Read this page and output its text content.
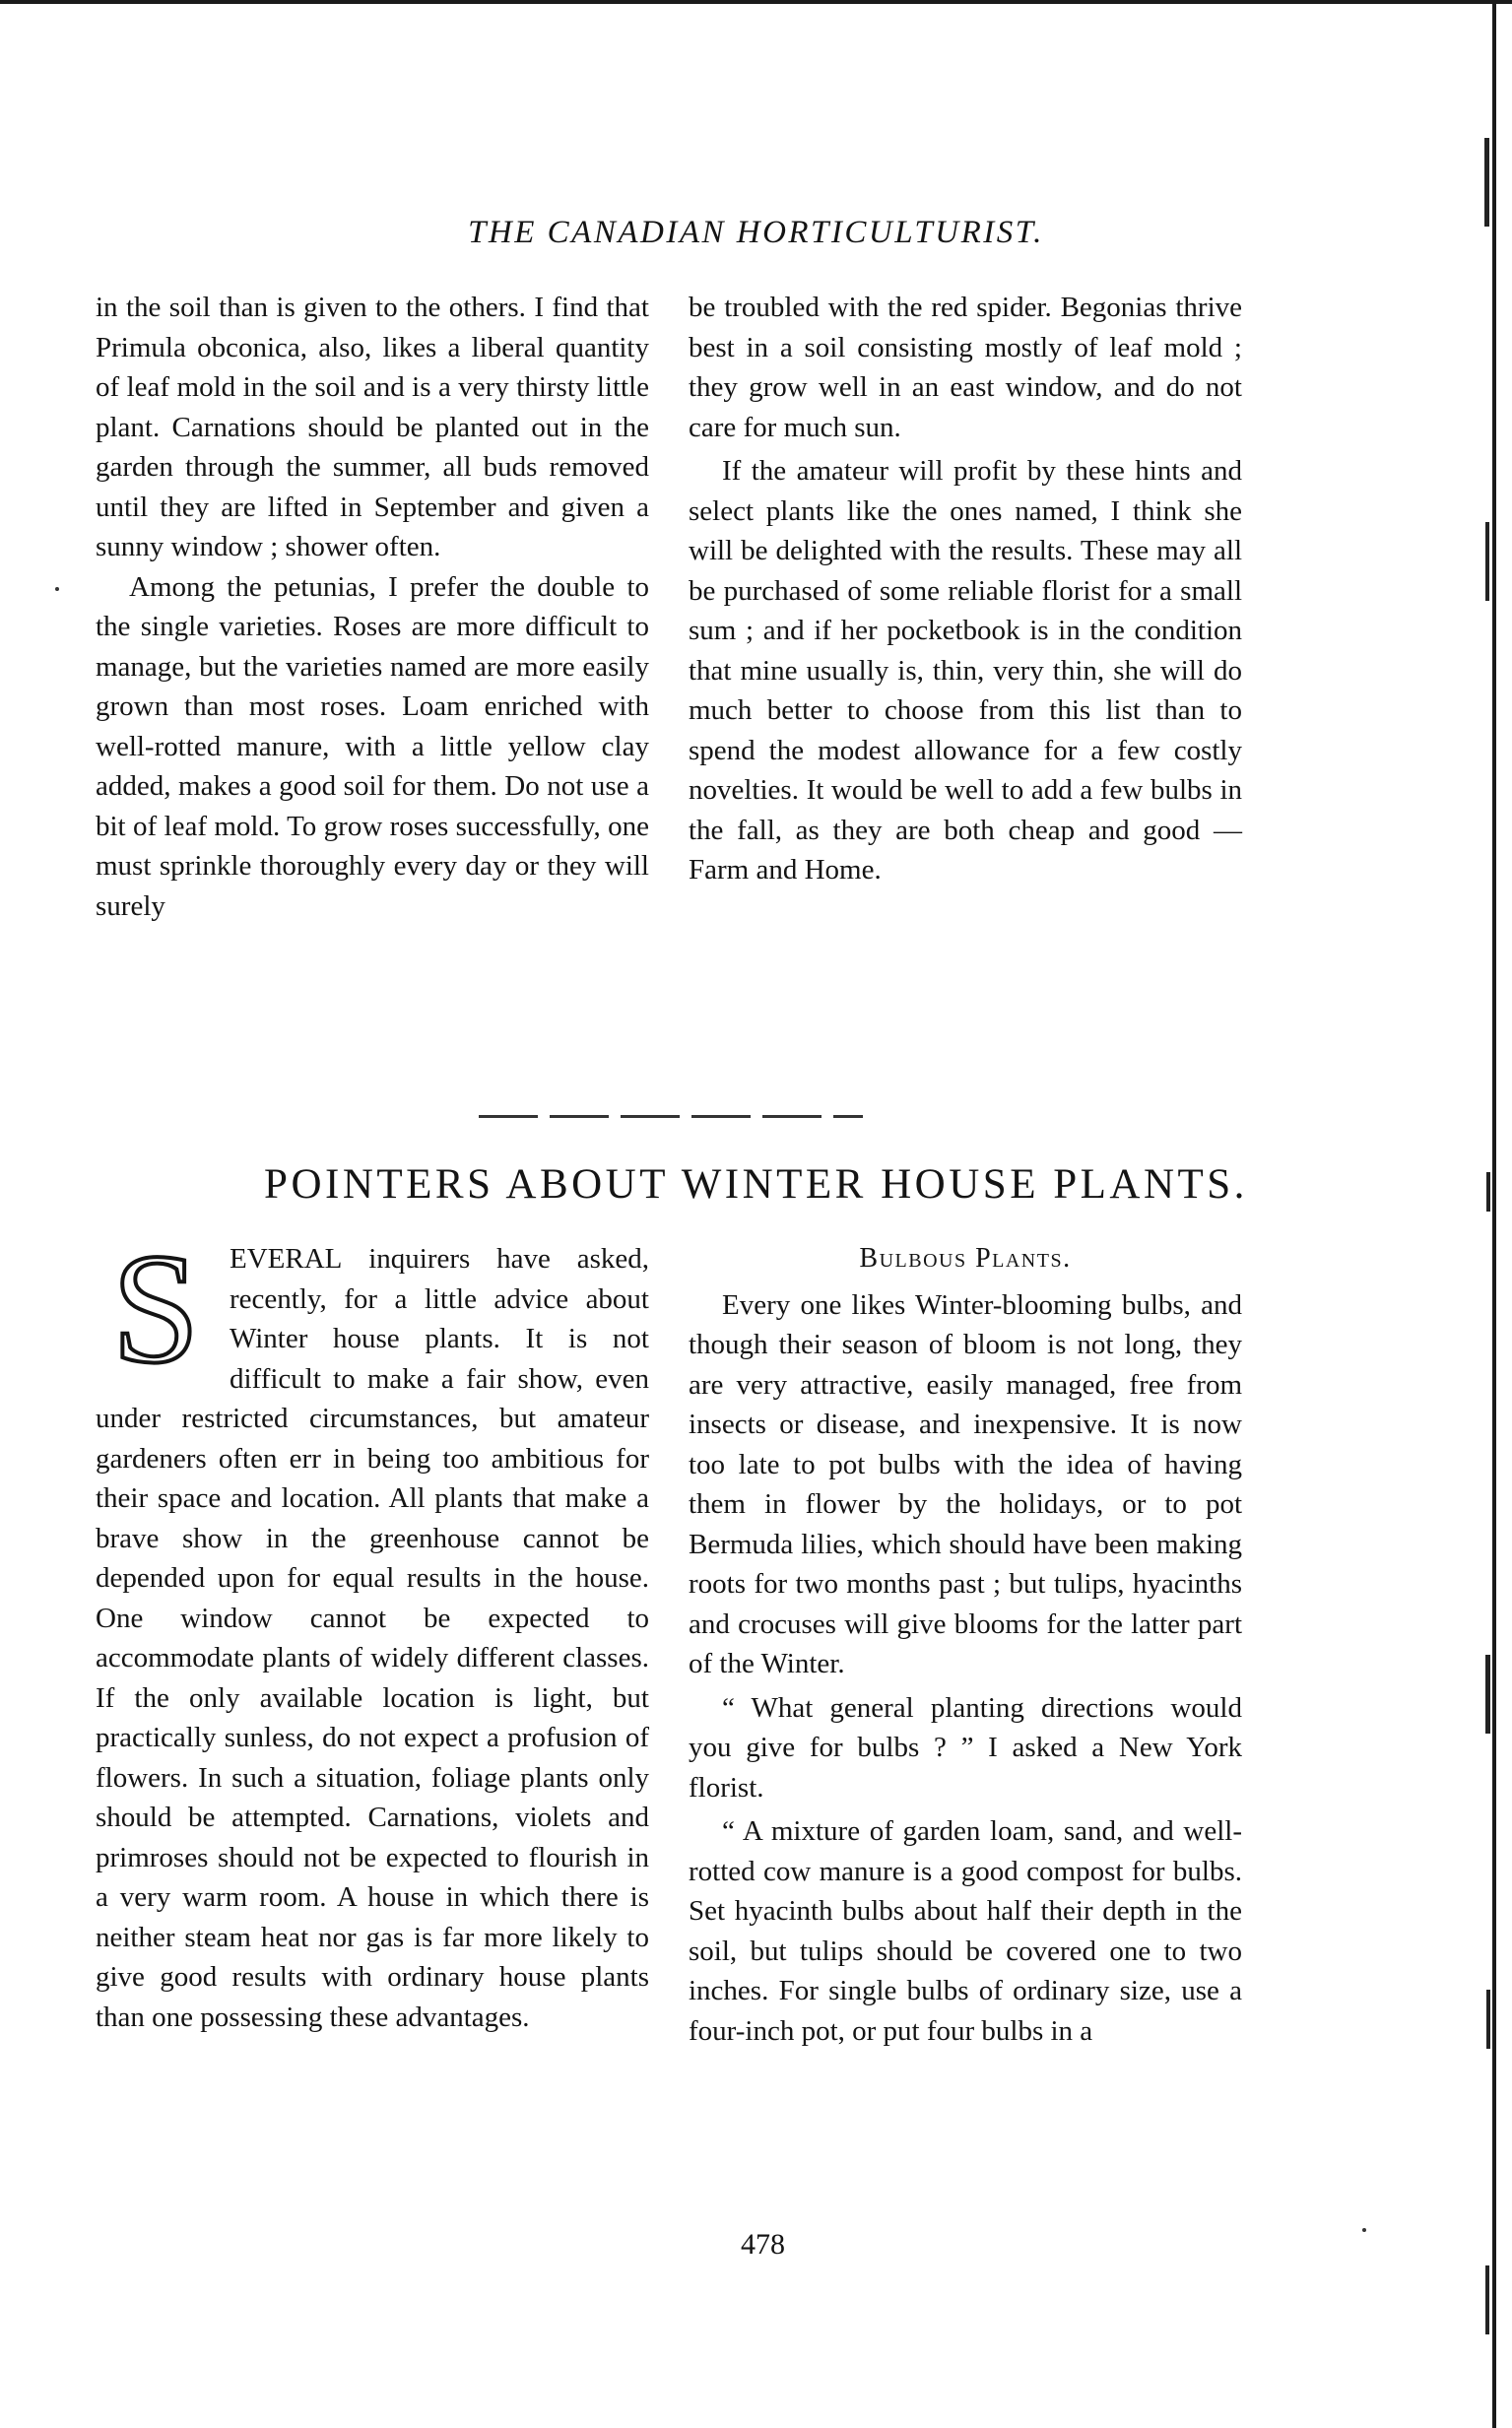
THE CANADIAN HORTICULTURIST.

in the soil than is given to the others. I find that Primula obconica, also, likes a liberal quantity of leaf mold in the soil and is a very thirsty little plant. Carnations should be planted out in the garden through the summer, all buds removed until they are lifted in September and given a sunny window ; shower often.

Among the petunias, I prefer the double to the single varieties. Roses are more difficult to manage, but the varieties named are more easily grown than most roses. Loam enriched with well-rotted manure, with a little yellow clay added, makes a good soil for them. Do not use a bit of leaf mold. To grow roses successfully, one must sprinkle thoroughly every day or they will surely

be troubled with the red spider. Begonias thrive best in a soil consisting mostly of leaf mold ; they grow well in an east window, and do not care for much sun.

If the amateur will profit by these hints and select plants like the ones named, I think she will be delighted with the results. These may all be purchased of some reliable florist for a small sum ; and if her pocketbook is in the condition that mine usually is, thin, very thin, she will do much better to choose from this list than to spend the modest allowance for a few costly novelties. It would be well to add a few bulbs in the fall, as they are both cheap and good —Farm and Home.

POINTERS ABOUT WINTER HOUSE PLANTS.

S EVERAL inquirers have asked, recently, for a little advice about Winter house plants. It is not difficult to make a fair show, even under restricted circumstances, but amateur gardeners often err in being too ambitious for their space and location. All plants that make a brave show in the greenhouse cannot be depended upon for equal results in the house. One window cannot be expected to accommodate plants of widely different classes. If the only available location is light, but practically sunless, do not expect a profusion of flowers. In such a situation, foliage plants only should be attempted. Carnations, violets and primroses should not be expected to flourish in a very warm room. A house in which there is neither steam heat nor gas is far more likely to give good results with ordinary house plants than one possessing these advantages.

Bulbous Plants.

Every one likes Winter-blooming bulbs, and though their season of bloom is not long, they are very attractive, easily managed, free from insects or disease, and inexpensive. It is now too late to pot bulbs with the idea of having them in flower by the holidays, or to pot Bermuda lilies, which should have been making roots for two months past ; but tulips, hyacinths and crocuses will give blooms for the latter part of the Winter.

“ What general planting directions would you give for bulbs ? ” I asked a New York florist.

“ A mixture of garden loam, sand, and well-rotted cow manure is a good compost for bulbs. Set hyacinth bulbs about half their depth in the soil, but tulips should be covered one to two inches. For single bulbs of ordinary size, use a four-inch pot, or put four bulbs in a

478
